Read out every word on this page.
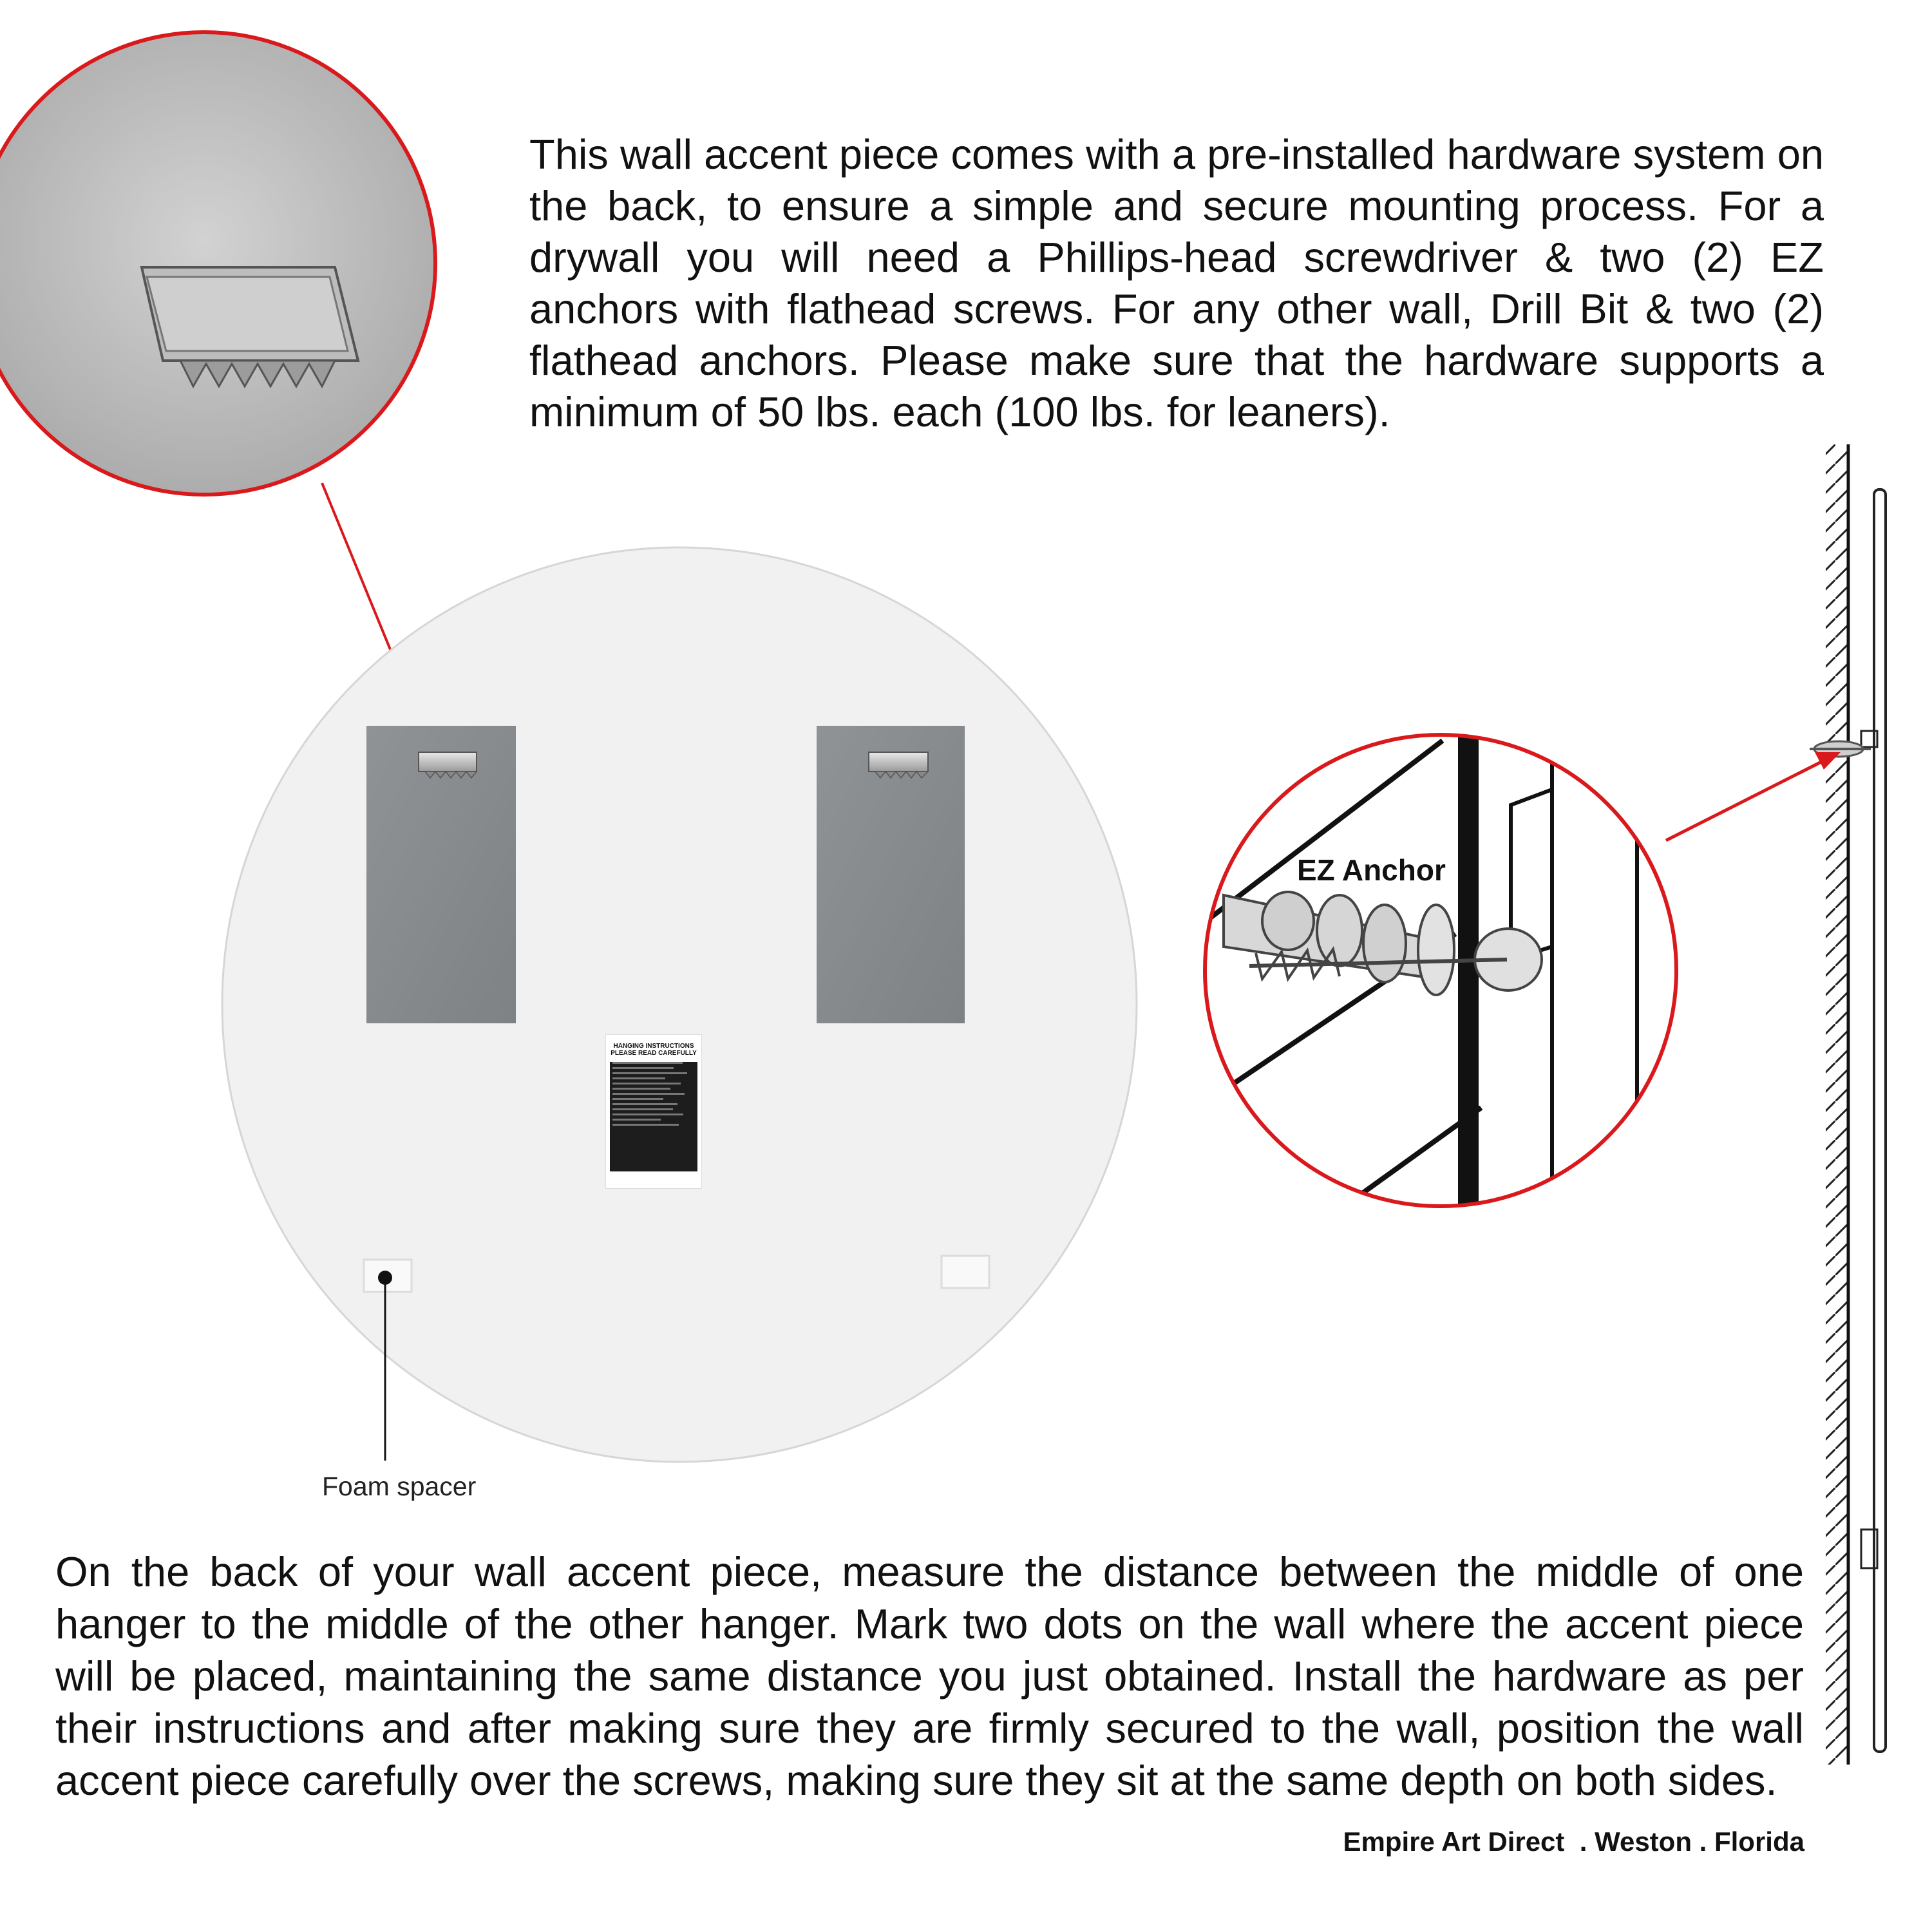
This wall accent piece comes with a pre-installed hardware system on the back, to ensure a simple and secure mounting process. For a drywall you will need a Phillips-head screwdriver & two (2) EZ anchors with flathead screws. For any other wall, Drill Bit & two (2) flathead anchors. Please make sure that the hardware supports a minimum of 50 lbs. each (100 lbs. for leaners).
HANGING INSTRUCTIONS
PLEASE READ CAREFULLY
Foam spacer
EZ Anchor
On the back of your wall accent piece, measure the distance between the middle of one hanger to the middle of the other hanger. Mark two dots on the wall where the accent piece will be placed, maintaining the same distance you just obtained. Install the hardware as per their instructions and after making sure they are firmly secured to the wall, position the wall accent piece carefully over the screws, making sure they sit at the same depth on both sides.
Empire Art Direct  . Weston . Florida
